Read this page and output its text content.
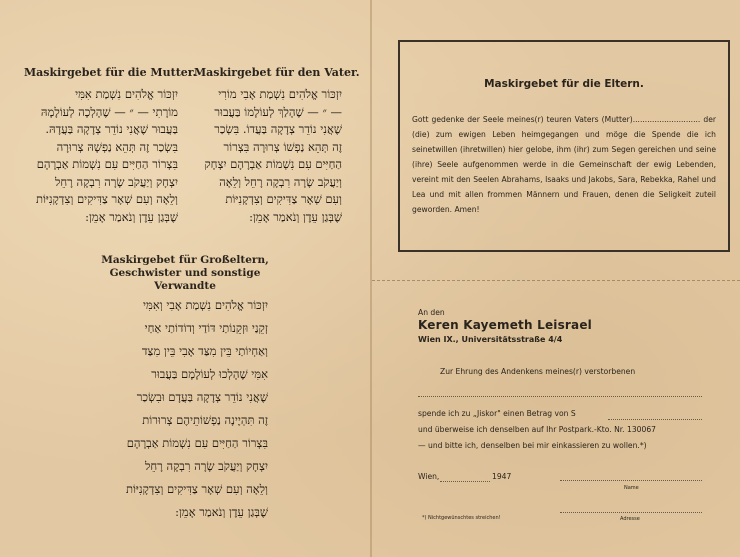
Maskirgebet für die Mutter.
יִזְכּוֹר אֱלֹהִים נִשְׁמַת אִמִּי
מוֹרָתִי — ״ — שֶׁהָלְכָה לְעוֹלָמָהּ
בַּעֲבוּר שֶׁאֲנִי נוֹדֵר צְדָקָה בַּעֲדָהּ.
בִּשְׂכַר זֶה תְּהֵא נַפְשָׁהּ צְרוּרָה
בִּצְרוֹר הַחַיִּים עִם נִשְׁמוֹת אַבְרָהָם
יִצְחָק וְיַעֲקֹב שָׂרָה רִבְקָה רָחֵל
וְלֵאָה וְעִם שְׁאָר צַדִּיקִים וְצִדְקָנִיּוֹת
שֶׁבְּגַן עֵדֶן וְנֹאמַר אָמֵן:
Maskirgebet für den Vater.
יִזְכּוֹר אֱלֹהִים נִשְׁמַת אָבִי מוֹרִי
— ״ — שֶׁהָלַךְ לְעוֹלָמוֹ בַּעֲבוּר
שֶׁאֲנִי נוֹדֵר צְדָקָה בַּעֲדוֹ. בִּשְׂכַר
זֶה תְּהֵא נַפְשׁוֹ צְרוּרָה בִּצְרוֹר
הַחַיִּים עִם נִשְׁמוֹת אַבְרָהָם יִצְחָק
וְיַעֲקֹב שָׂרָה רִבְקָה רָחֵל וְלֵאָה
וְעִם שְׁאָר צַדִּיקִים וְצִדְקָנִיּוֹת
שֶׁבְּגַן עֵדֶן וְנֹאמַר אָמֵן:
Maskirgebet für Großeltern,
Geschwister und sonstige
Verwandte
יִזְכּוֹר אֱלֹהִים נִשְׁמַת אָבִי וְאִמִּי
זְקֵנַי וּזְקֵנוֹתַי דּוֹדַי וְדוֹדוֹתַי אַחַי
וְאַחְיוֹתַי בֵּין מִצַּד אָבִי בֵּין מִצַּד
אִמִּי שֶׁהָלְכוּ לְעוֹלָמָם בַּעֲבוּר
שֶׁאֲנִי נוֹדֵר צְדָקָה בַּעֲדָם וּבִשְׂכַר
זֶה תִּהְיֶינָה נַפְשׁוֹתֵיהֶם צְרוּרוֹת
בִּצְרוֹר הַחַיִּים עִם נִשְׁמוֹת אַבְרָהָם
יִצְחָק וְיַעֲקֹב שָׂרָה רִבְקָה רָחֵל
וְלֵאָה וְעִם שְׁאָר צַדִּיקִים וְצִדְקָנִיּוֹת
שֶׁבְּגַן עֵדֶן וְנֹאמַר אָמֵן:
Maskirgebet für die Eltern.
Gott gedenke der Seele meines(r) teuren Vaters (Mutter)............................ der (die) zum ewigen Leben heimgegangen und möge die Spende die ich seinetwillen (ihretwillen) hier gelobe, ihm (ihr) zum Segen gereichen und seine (ihre) Seele aufgenommen werde in die Gemeinschaft der ewig Lebenden, vereint mit den Seelen Abrahams, Isaaks und Jakobs, Sara, Rebekka, Rahel und Lea und mit allen frommen Männern und Frauen, denen die Seligkeit zuteil geworden. Amen!
An den
Keren Kayemeth Leisrael
Wien IX., Universitätsstraße 4/4
Zur Ehrung des Andenkens meines(r) verstorbenen
spende ich zu „Jiskor" einen Betrag von S
und überweise ich denselben auf Ihr Postpark.-Kto. Nr. 130067
— und bitte ich, denselben bei mir einkassieren zu wollen.*)
Wien,	1947
Name
*) Nichtgewünschtes streichen!	Adresse
